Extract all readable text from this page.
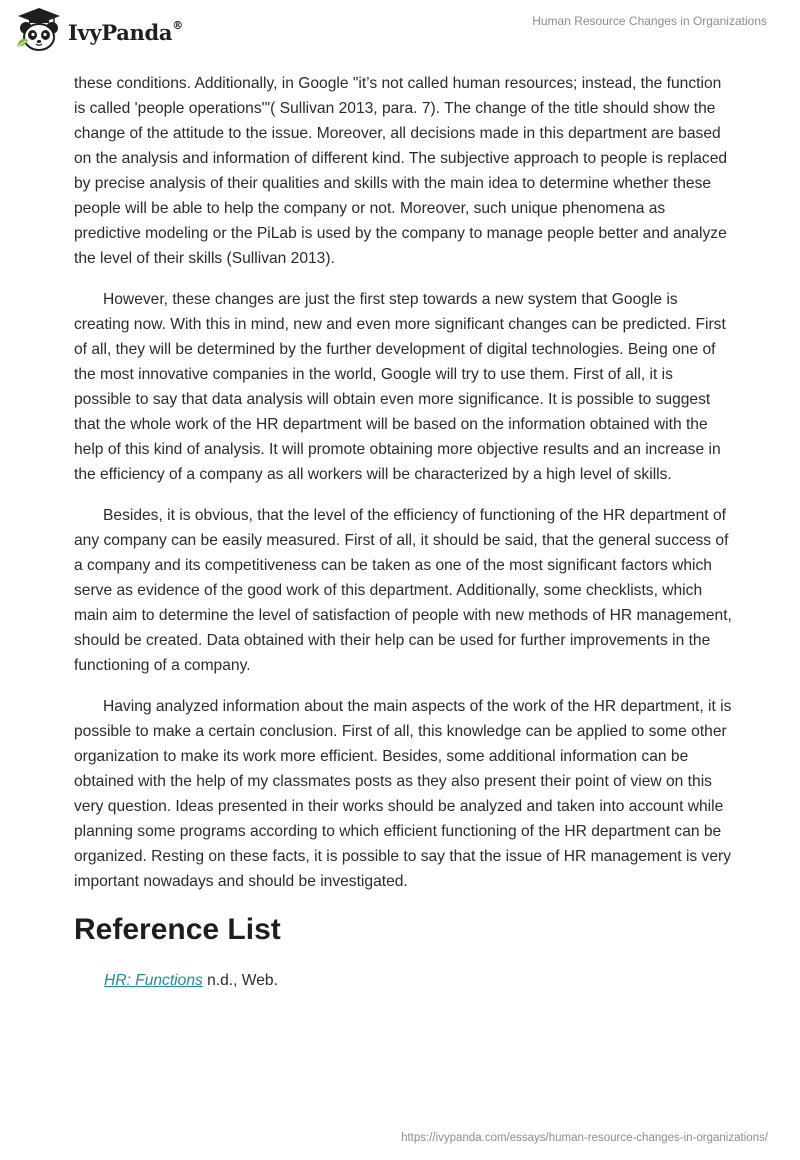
IvyPanda®	Human Resource Changes in Organizations

these conditions. Additionally, in Google "it’s not called human resources; instead, the function is called 'people operations'"( Sullivan 2013, para. 7). The change of the title should show the change of the attitude to the issue. Moreover, all decisions made in this department are based on the analysis and information of different kind. The subjective approach to people is replaced by precise analysis of their qualities and skills with the main idea to determine whether these people will be able to help the company or not. Moreover, such unique phenomena as predictive modeling or the PiLab is used by the company to manage people better and analyze the level of their skills (Sullivan 2013).

However, these changes are just the first step towards a new system that Google is creating now. With this in mind, new and even more significant changes can be predicted. First of all, they will be determined by the further development of digital technologies. Being one of the most innovative companies in the world, Google will try to use them. First of all, it is possible to say that data analysis will obtain even more significance. It is possible to suggest that the whole work of the HR department will be based on the information obtained with the help of this kind of analysis. It will promote obtaining more objective results and an increase in the efficiency of a company as all workers will be characterized by a high level of skills.

Besides, it is obvious, that the level of the efficiency of functioning of the HR department of any company can be easily measured. First of all, it should be said, that the general success of a company and its competitiveness can be taken as one of the most significant factors which serve as evidence of the good work of this department. Additionally, some checklists, which main aim to determine the level of satisfaction of people with new methods of HR management, should be created. Data obtained with their help can be used for further improvements in the functioning of a company.

Having analyzed information about the main aspects of the work of the HR department, it is possible to make a certain conclusion. First of all, this knowledge can be applied to some other organization to make its work more efficient. Besides, some additional information can be obtained with the help of my classmates posts as they also present their point of view on this very question. Ideas presented in their works should be analyzed and taken into account while planning some programs according to which efficient functioning of the HR department can be organized. Resting on these facts, it is possible to say that the issue of HR management is very important nowadays and should be investigated.

Reference List

HR: Functions n.d., Web.

https://ivypanda.com/essays/human-resource-changes-in-organizations/
